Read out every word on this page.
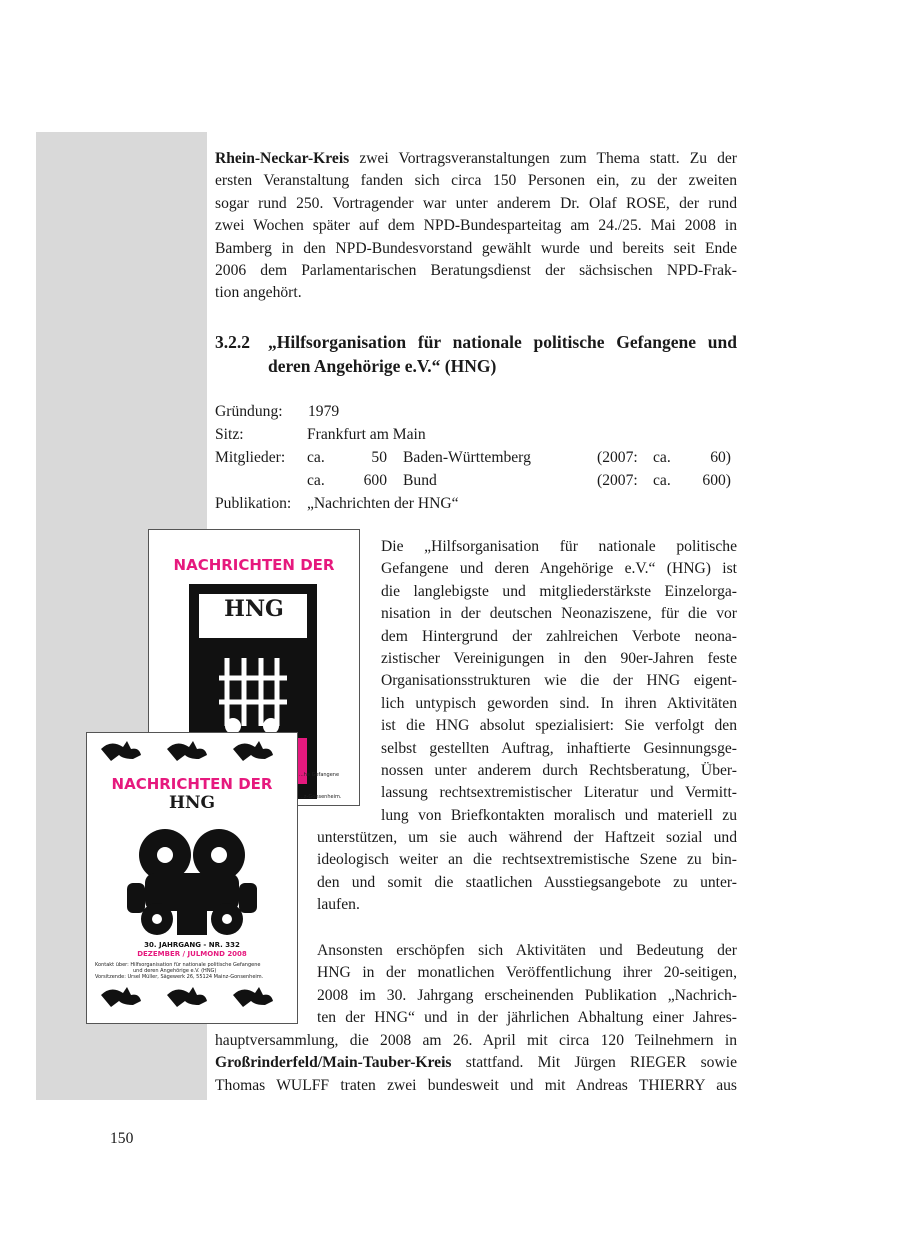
Rhein-Neckar-Kreis zwei Vortragsveranstaltungen zum Thema statt. Zu der
ersten Veranstaltung fanden sich circa 150 Personen ein, zu der zweiten
sogar rund 250. Vortragender war unter anderem Dr. Olaf ROSE, der rund
zwei Wochen später auf dem NPD-Bundesparteitag am 24./25. Mai 2008 in
Bamberg in den NPD-Bundesvorstand gewählt wurde und bereits seit Ende
2006 dem Parlamentarischen Beratungsdienst der sächsischen NPD-Frak-
tion angehört.
3.2.2 „Hilfsorganisation für nationale politische Gefangene und
deren Angehörige e.V.“ (HNG)
Gründung: 1979
Sitz:	Frankfurt am Main
Mitglieder: ca.	50 Baden-Württemberg	(2007: ca.	60)
ca.	600 Bund	(2007: ca.	600)
Publikation: „Nachrichten der HNG“
Die „Hilfsorganisation für nationale politische
Gefangene und deren Angehörige e.V.“ (HNG) ist
die langlebigste und mitgliederstärkste Einzelorga-
nisation in der deutschen Neonaziszene, für die vor
dem Hintergrund der zahlreichen Verbote neona-
zistischer Vereinigungen in den 90er-Jahren feste
Organisationsstrukturen wie die der HNG eigent-
lich untypisch geworden sind. In ihren Aktivitäten
ist die HNG absolut spezialisiert: Sie verfolgt den
selbst gestellten Auftrag, inhaftierte Gesinnungsge-
nossen unter anderem durch Rechtsberatung, Über-
lassung rechtsextremistischer Literatur und Vermitt-
lung von Briefkontakten moralisch und materiell zu
unterstützen, um sie auch während der Haftzeit sozial und
ideologisch weiter an die rechtsextremistische Szene zu bin-
den und somit die staatlichen Ausstiegsangebote zu unter-
laufen.
Ansonsten erschöpfen sich Aktivitäten und Bedeutung der
HNG in der monatlichen Veröffentlichung ihrer 20-seitigen,
2008 im 30. Jahrgang erscheinenden Publikation „Nachrich-
ten der HNG“ und in der jährlichen Abhaltung einer Jahres-
hauptversammlung, die 2008 am 26. April mit circa 120 Teilnehmern in
Großrinderfeld/Main-Tauber-Kreis stattfand. Mit Jürgen RIEGER sowie
Thomas WULFF traten zwei bundesweit und mit Andreas THIERRY aus
150
NACHRICHTEN DER
HNG
...he Gefangene
...z-Gonsenheim.
NACHRICHTEN DER
HNG
30. JAHRGANG - NR. 332
DEZEMBER / JULMOND 2008
Kontakt über: Hilfsorganisation für nationale politische Gefangene
und deren Angehörige e.V. (HNG)
Vorsitzende: Ursel Müller, Sägewerk 26, 55124 Mainz-Gonsenheim.
